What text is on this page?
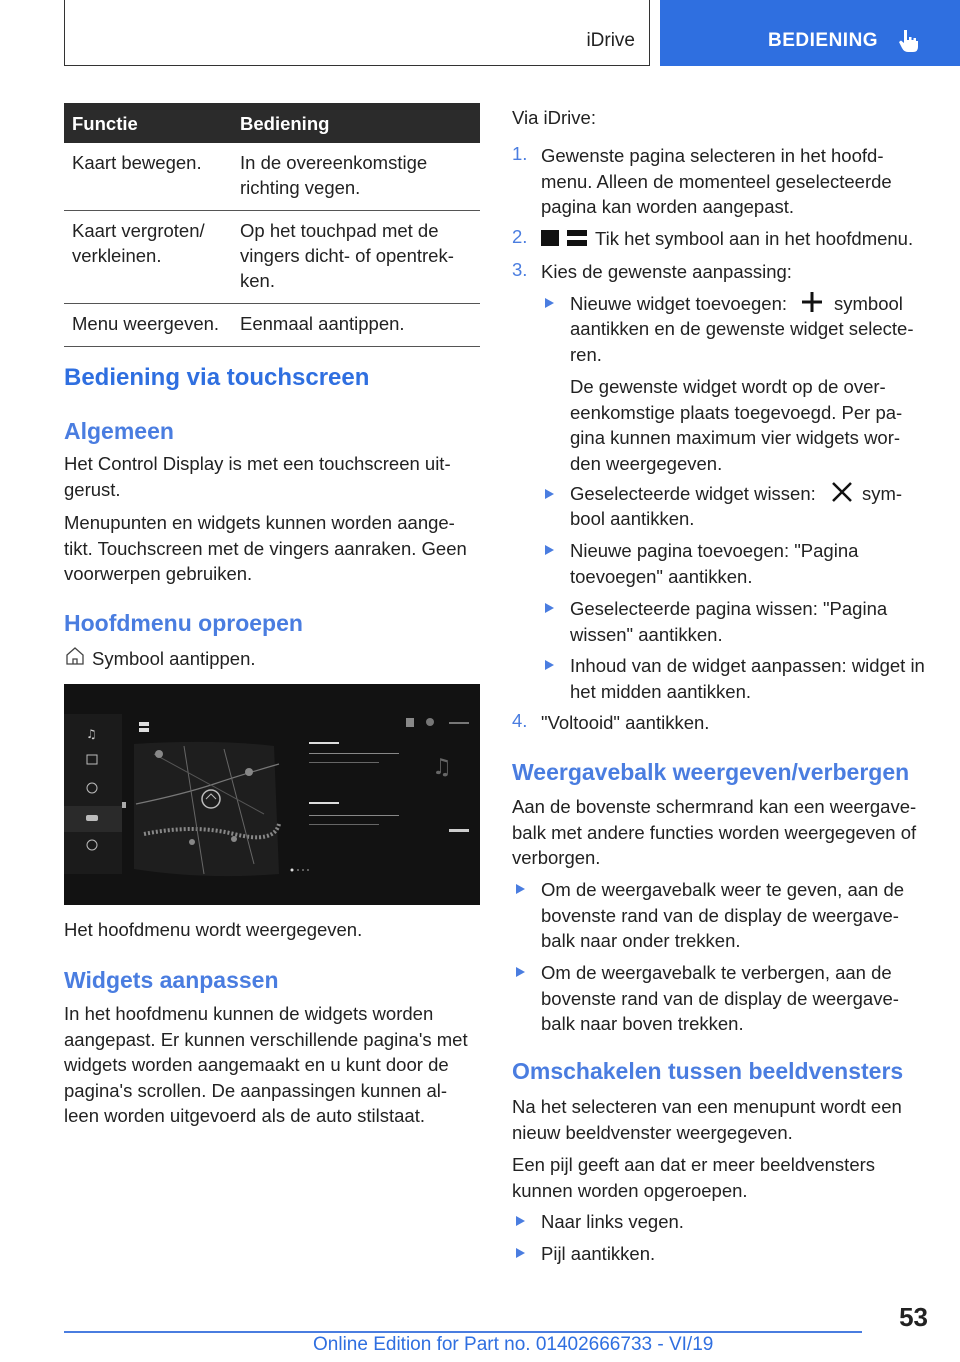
iDrive	BEDIENING
Functie	Bediening
Kaart bewegen.	In de overeenkomstige richting vegen.
Kaart vergroten/ verkleinen.	Op het touchpad met de vingers dicht- of opentrek- ken.
Menu weergeven.	Eenmaal aantippen.
Bediening via touchscreen
Algemeen

Het Control Display is met een touchscreen uit- gerust.

Menupunten en widgets kunnen worden aange- tikt. Touchscreen met de vingers aanraken. Geen voorwerpen gebruiken.

Hoofdmenu oproepen

Symbool aantippen.

♫
♫

Het hoofdmenu wordt weergegeven.

Widgets aanpassen

In het hoofdmenu kunnen de widgets worden aangepast. Er kunnen verschillende pagina's met widgets worden aangemaakt en u kunt door de pagina's scrollen. De aanpassingen kunnen al- leen worden uitgevoerd als de auto stilstaat.

Via iDrive:

1. Gewenste pagina selecteren in het hoofd- menu. Alleen de momenteel geselecteerde pagina kan worden aangepast.

2.	Tik het symbool aan in het hoofdmenu.

3. Kies de gewenste aanpassing:

Nieuwe widget toevoegen:	symbool

aantikken en de gewenste widget selecte- ren.

De gewenste widget wordt op de over- eenkomstige plaats toegevoegd. Per pa- gina kunnen maximum vier widgets wor- den weergegeven.

Geselecteerde widget wissen: sym-

bool aantikken.

Nieuwe pagina toevoegen: "Pagina toevoegen" aantikken.

Geselecteerde pagina wissen: "Pagina wissen" aantikken.

Inhoud van de widget aanpassen: widget in het midden aantikken.

4. "Voltooid" aantikken.

Weergavebalk weergeven/verbergen

Aan de bovenste schermrand kan een weergave- balk met andere functies worden weergegeven of verborgen.

Om de weergavebalk weer te geven, aan de bovenste rand van de display de weergave- balk naar onder trekken.

Om de weergavebalk te verbergen, aan de bovenste rand van de display de weergave- balk naar boven trekken.

Omschakelen tussen beeldvensters

Na het selecteren van een menupunt wordt een nieuw beeldvenster weergegeven.

Een pijl geeft aan dat er meer beeldvensters kunnen worden opgeroepen.

Naar links vegen.

Pijl aantikken.

53
Online Edition for Part no. 01402666733 - VI/19
